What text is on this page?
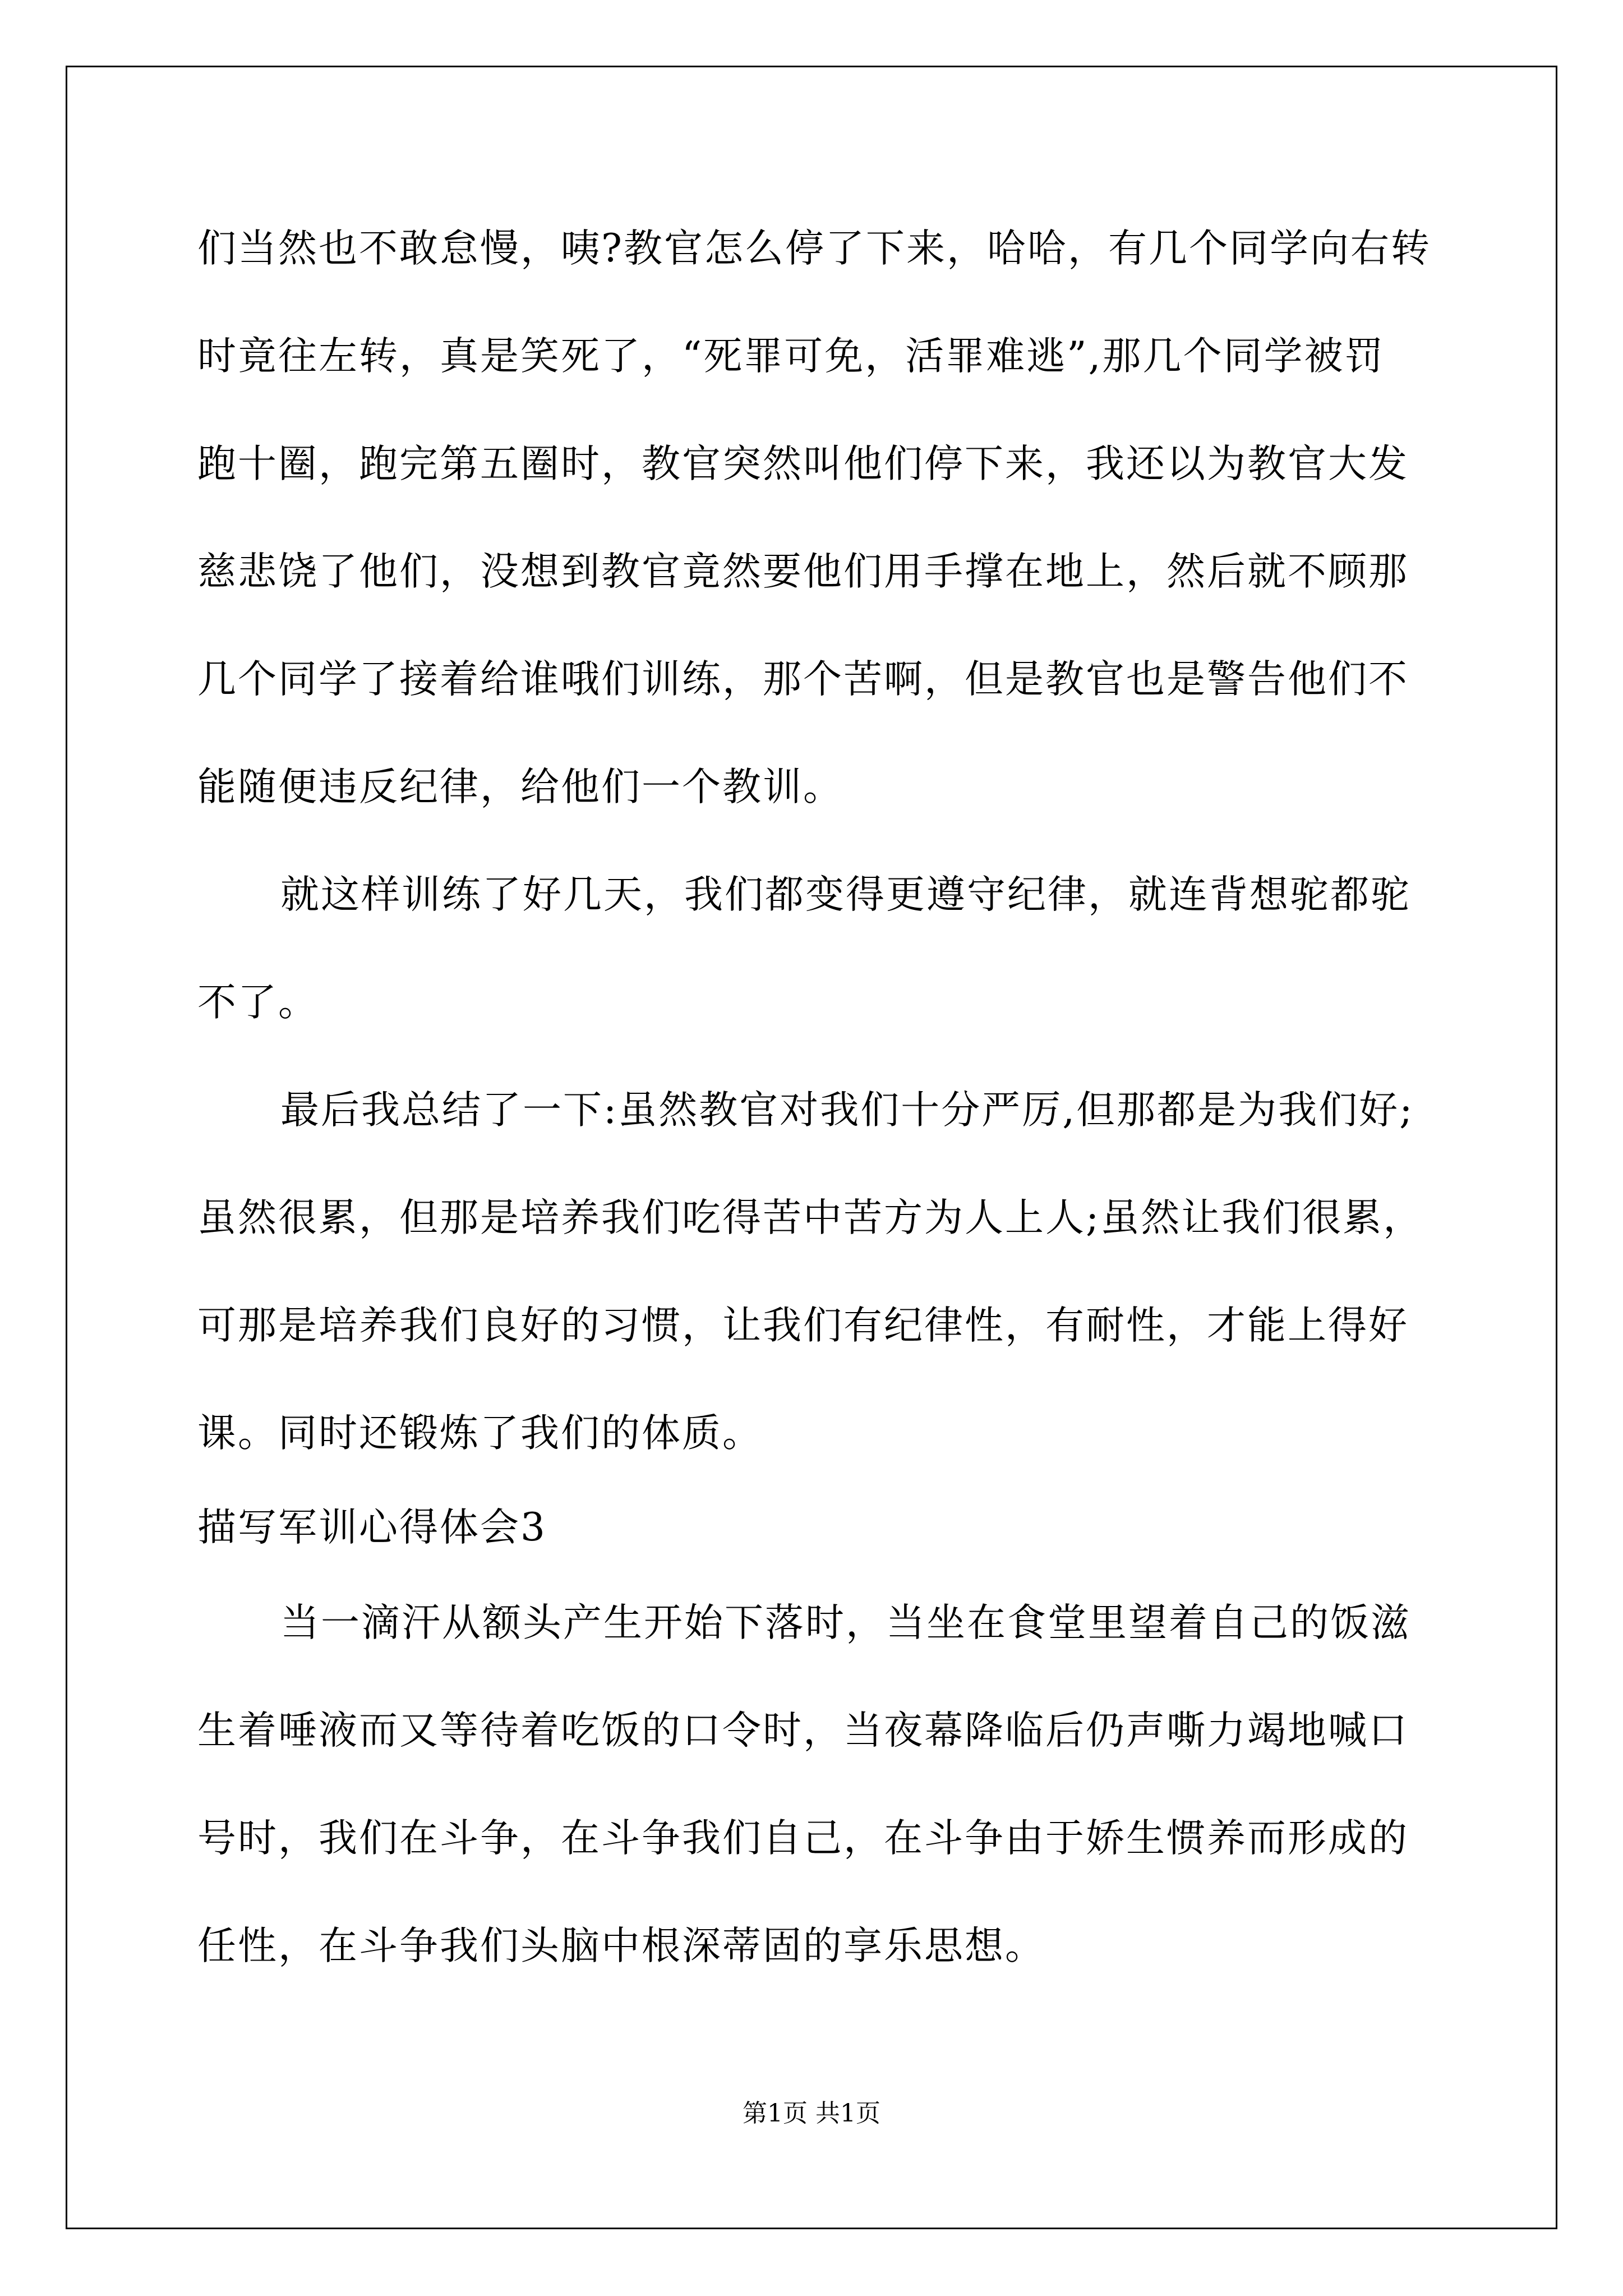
们当然也不敢怠慢，咦?教官怎么停了下来，哈哈，有几个同学向右转
时竟往左转，真是笑死了，“死罪可免，活罪难逃”,那几个同学被罚
跑十圈，跑完第五圈时，教官突然叫他们停下来，我还以为教官大发
慈悲饶了他们，没想到教官竟然要他们用手撑在地上，然后就不顾那
几个同学了接着给谁哦们训练，那个苦啊，但是教官也是警告他们不
能随便违反纪律，给他们一个教训。
就这样训练了好几天，我们都变得更遵守纪律，就连背想驼都驼
不了。
最后我总结了一下:虽然教官对我们十分严厉,但那都是为我们好;
虽然很累，但那是培养我们吃得苦中苦方为人上人;虽然让我们很累，
可那是培养我们良好的习惯，让我们有纪律性，有耐性，才能上得好
课。同时还锻炼了我们的体质。
描写军训心得体会3
当一滴汗从额头产生开始下落时，当坐在食堂里望着自己的饭滋
生着唾液而又等待着吃饭的口令时，当夜幕降临后仍声嘶力竭地喊口
号时，我们在斗争，在斗争我们自己，在斗争由于娇生惯养而形成的
任性，在斗争我们头脑中根深蒂固的享乐思想。
第1页 共1页
